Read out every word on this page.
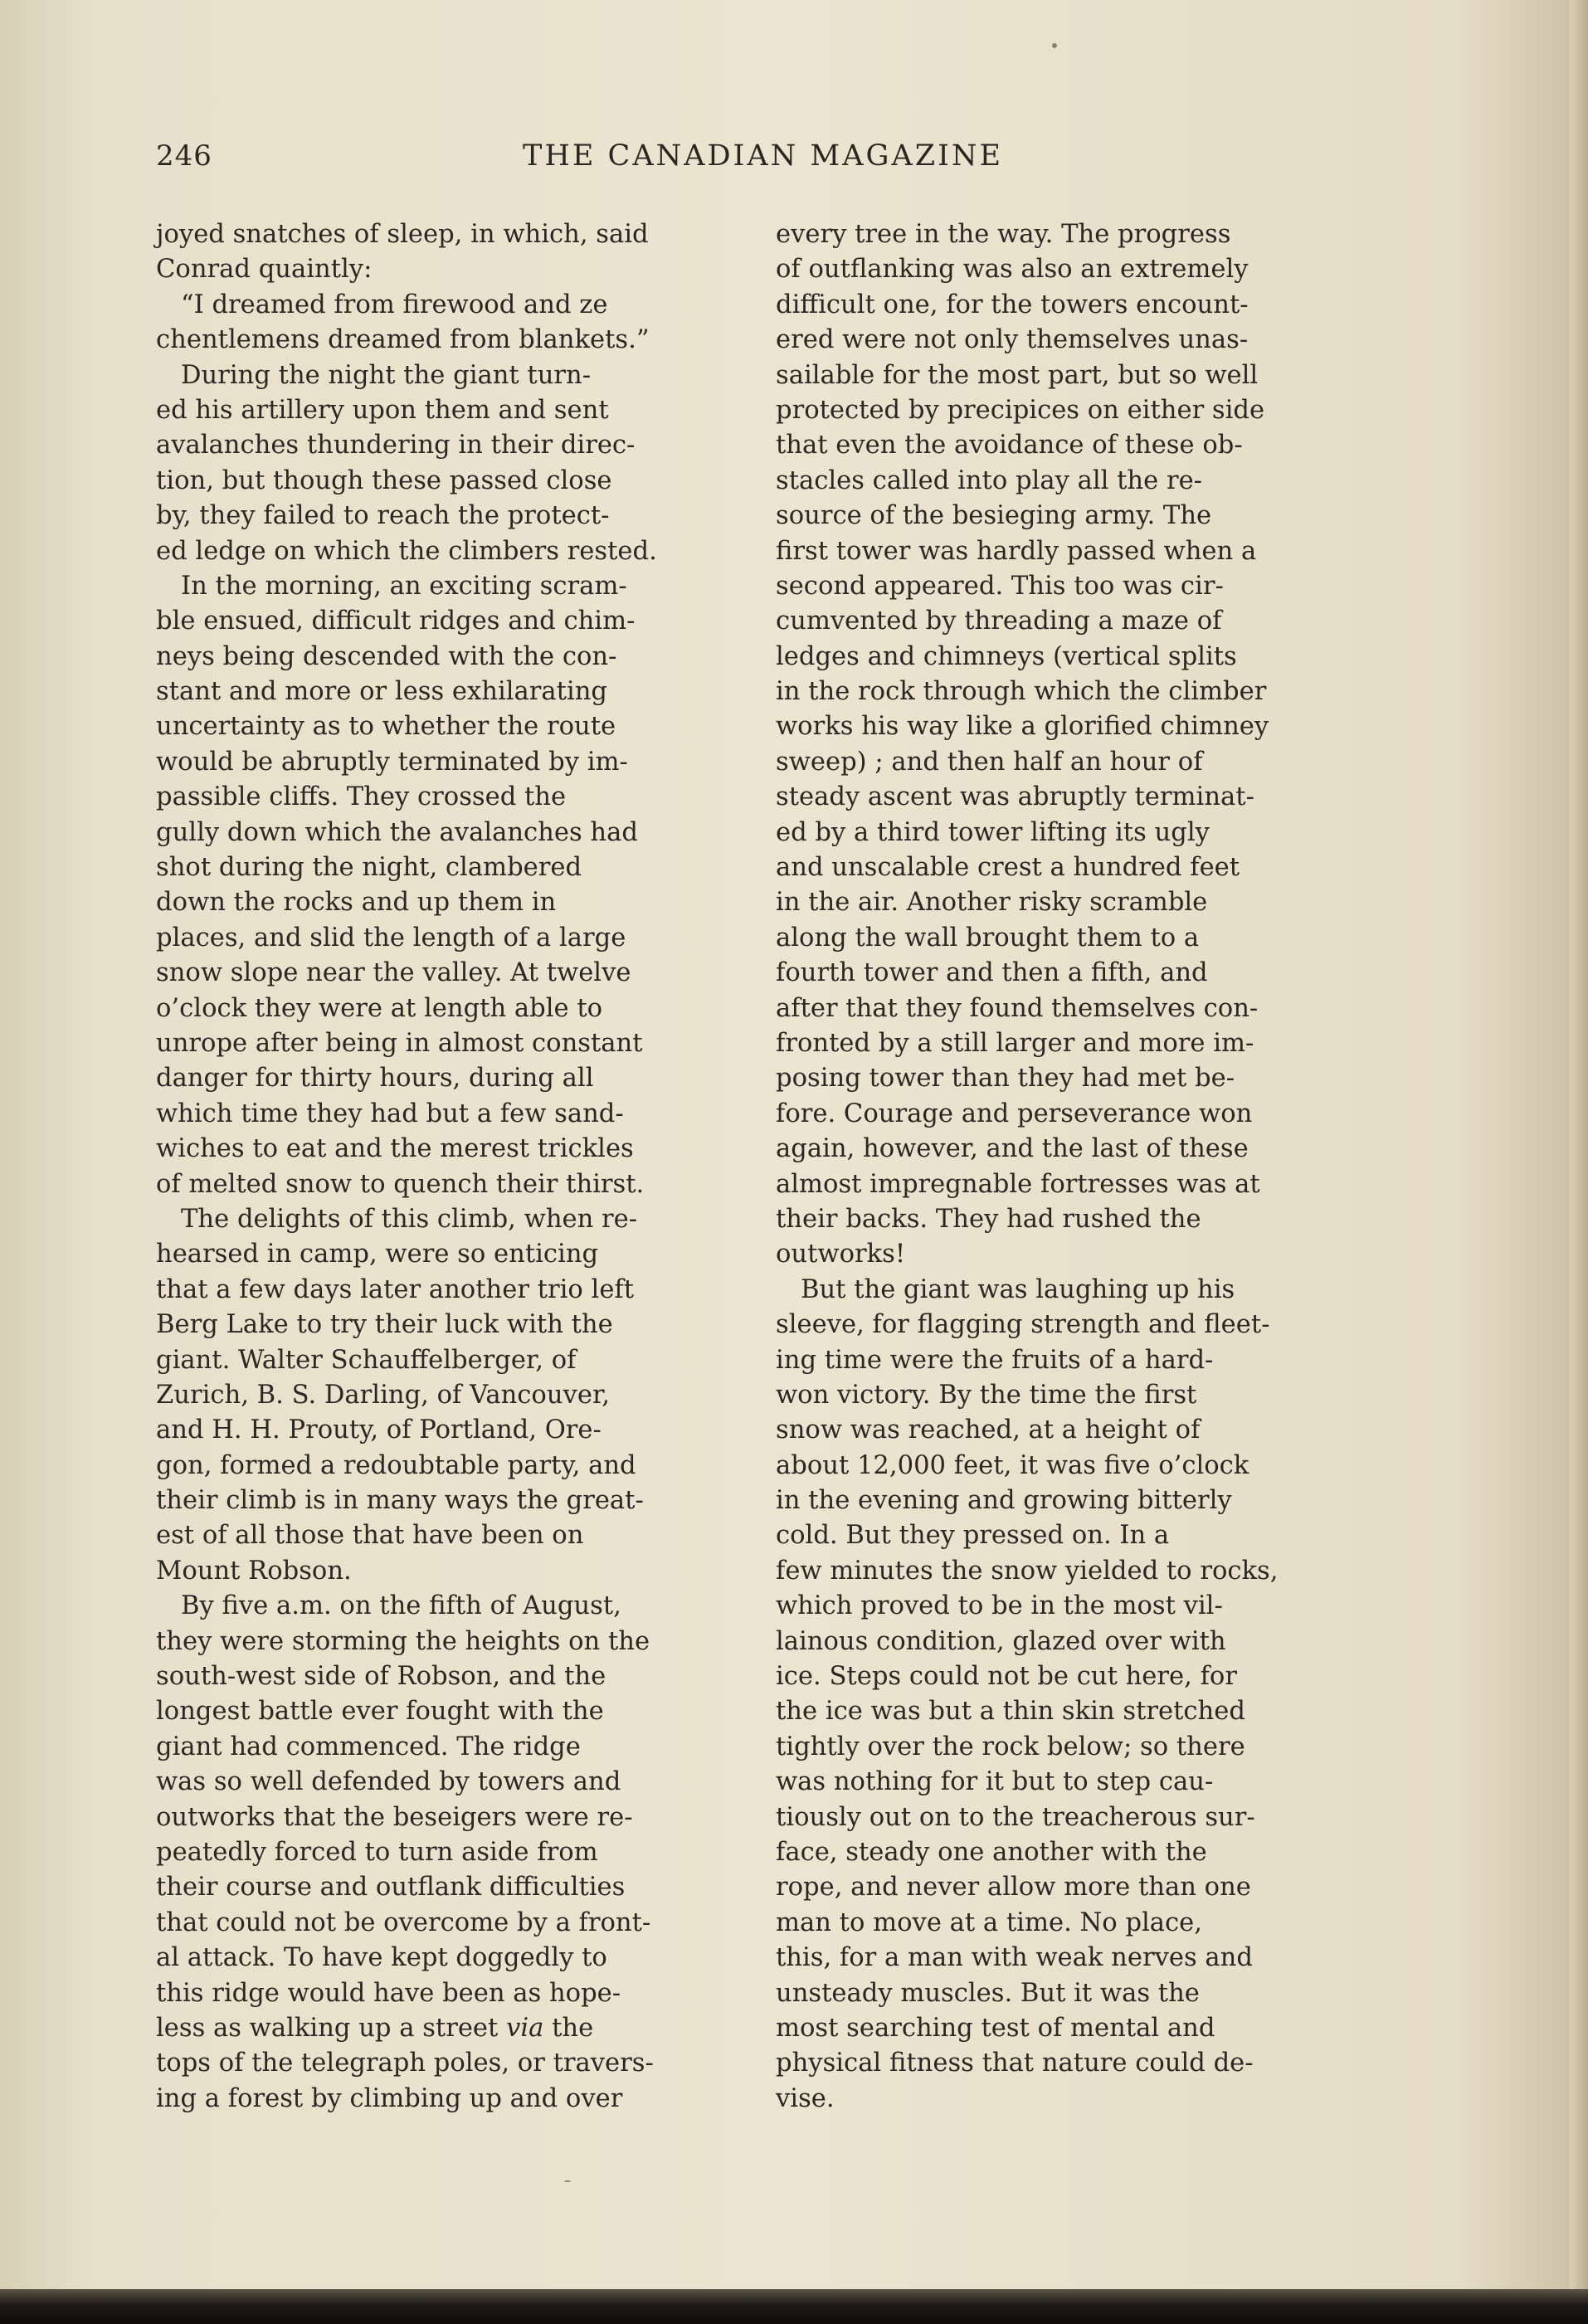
246	THE CANADIAN MAGAZINE
joyed snatches of sleep, in which, said
Conrad quaintly:
“I dreamed from firewood and ze
chentlemens dreamed from blankets.”
During the night the giant turn-
ed his artillery upon them and sent
avalanches thundering in their direc-
tion, but though these passed close
by, they failed to reach the protect-
ed ledge on which the climbers rested.
In the morning, an exciting scram-
ble ensued, difficult ridges and chim-
neys being descended with the con-
stant and more or less exhilarating
uncertainty as to whether the route
would be abruptly terminated by im-
passible cliffs. They crossed the
gully down which the avalanches had
shot during the night, clambered
down the rocks and up them in
places, and slid the length of a large
snow slope near the valley. At twelve
o’clock they were at length able to
unrope after being in almost constant
danger for thirty hours, during all
which time they had but a few sand-
wiches to eat and the merest trickles
of melted snow to quench their thirst.
The delights of this climb, when re-
hearsed in camp, were so enticing
that a few days later another trio left
Berg Lake to try their luck with the
giant. Walter Schauffelberger, of
Zurich, B. S. Darling, of Vancouver,
and H. H. Prouty, of Portland, Ore-
gon, formed a redoubtable party, and
their climb is in many ways the great-
est of all those that have been on
Mount Robson.
By five a.m. on the fifth of August,
they were storming the heights on the
south-west side of Robson, and the
longest battle ever fought with the
giant had commenced. The ridge
was so well defended by towers and
outworks that the beseigers were re-
peatedly forced to turn aside from
their course and outflank difficulties
that could not be overcome by a front-
al attack. To have kept doggedly to
this ridge would have been as hope-
less as walking up a street via the
tops of the telegraph poles, or travers-
ing a forest by climbing up and over
every tree in the way. The progress
of outflanking was also an extremely
difficult one, for the towers encount-
ered were not only themselves unas-
sailable for the most part, but so well
protected by precipices on either side
that even the avoidance of these ob-
stacles called into play all the re-
source of the besieging army. The
first tower was hardly passed when a
second appeared. This too was cir-
cumvented by threading a maze of
ledges and chimneys (vertical splits
in the rock through which the climber
works his way like a glorified chimney
sweep) ; and then half an hour of
steady ascent was abruptly terminat-
ed by a third tower lifting its ugly
and unscalable crest a hundred feet
in the air. Another risky scramble
along the wall brought them to a
fourth tower and then a fifth, and
after that they found themselves con-
fronted by a still larger and more im-
posing tower than they had met be-
fore. Courage and perseverance won
again, however, and the last of these
almost impregnable fortresses was at
their backs. They had rushed the
outworks!
But the giant was laughing up his
sleeve, for flagging strength and fleet-
ing time were the fruits of a hard-
won victory. By the time the first
snow was reached, at a height of
about 12,000 feet, it was five o’clock
in the evening and growing bitterly
cold. But they pressed on. In a
few minutes the snow yielded to rocks,
which proved to be in the most vil-
lainous condition, glazed over with
ice. Steps could not be cut here, for
the ice was but a thin skin stretched
tightly over the rock below; so there
was nothing for it but to step cau-
tiously out on to the treacherous sur-
face, steady one another with the
rope, and never allow more than one
man to move at a time. No place,
this, for a man with weak nerves and
unsteady muscles. But it was the
most searching test of mental and
physical fitness that nature could de-
vise.
